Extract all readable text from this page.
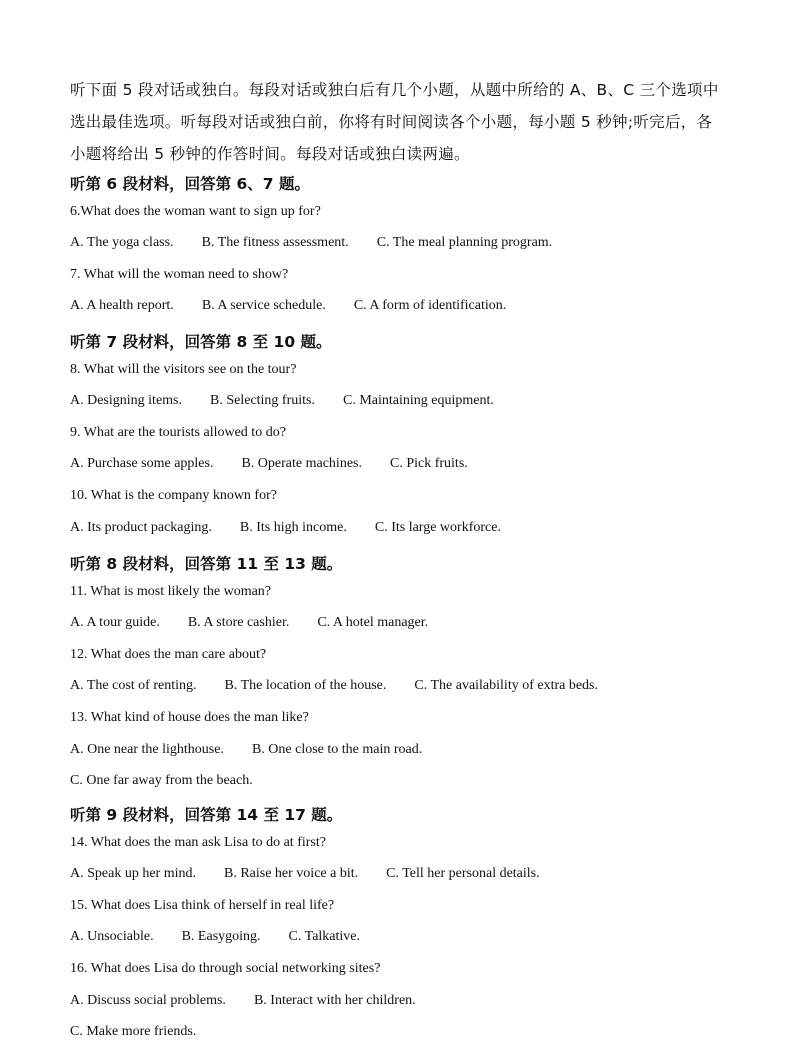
听下面 5 段对话或独白。每段对话或独白后有几个小题，从题中所给的 A、B、C 三个选项中
选出最佳选项。听每段对话或独白前，你将有时间阅读各个小题，每小题 5 秒钟;听完后，各
小题将给出 5 秒钟的作答时间。每段对话或独白读两遍。
听第 6 段材料，回答第 6、7 题。
6.What does the woman want to sign up for?
A. The yoga class. B. The fitness assessment. C. The meal planning program.
7. What will the woman need to show?
A. A health report. B. A service schedule. C. A form of identification.
听第 7 段材料，回答第 8 至 10 题。
8. What will the visitors see on the tour?
A. Designing items. B. Selecting fruits. C. Maintaining equipment.
9. What are the tourists allowed to do?
A. Purchase some apples. B. Operate machines. C. Pick fruits.
10. What is the company known for?
A. Its product packaging. B. Its high income. C. Its large workforce.
听第 8 段材料，回答第 11 至 13 题。
11. What is most likely the woman?
A. A tour guide. B. A store cashier. C. A hotel manager.
12. What does the man care about?
A. The cost of renting. B. The location of the house. C. The availability of extra beds.
13. What kind of house does the man like?
A. One near the lighthouse. B. One close to the main road.
C. One far away from the beach.
听第 9 段材料，回答第 14 至 17 题。
14. What does the man ask Lisa to do at first?
A. Speak up her mind. B. Raise her voice a bit. C. Tell her personal details.
15. What does Lisa think of herself in real life?
A. Unsociable. B. Easygoing. C. Talkative.
16. What does Lisa do through social networking sites?
A. Discuss social problems. B. Interact with her children.
C. Make more friends.
